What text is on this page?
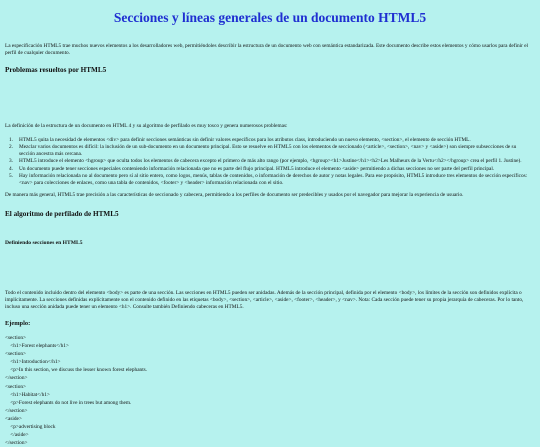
Secciones y líneas generales de un documento HTML5

La especificación HTML5 trae muchos nuevos elementos a los desarrolladores web, permitiéndoles describir la estructura de un documento web con semántica estandarizada. Este documento describe estos elementos y cómo usarlos para definir el perfil de cualquier documento.

Problemas resueltos por HTML5

La definición de la estructura de un documento en HTML 4 y su algoritmo de perfilado es muy tosco y genera numerosos problemas:

1. HTML5 quita la necesidad de elementos <div> para definir secciones semánticas sin definir valores específicos para los atributos class, introduciendo un nuevo elemento, <section>, el elemento de sección HTML.
2. Mezclar varios documentos es difícil: la inclusión de un sub-documento en un documento principal. Esto se resuelve en HTML5 con los elementos de seccionado (<article>, <section>, <nav> y <aside>) son siempre subsecciones de su sección ancestra más cercana.
3. HTML5 introduce el elemento <hgroup> que oculta todos los elementos de cabecera excepto el primero de más alto rango (por ejemplo, <hgroup><h1>Justine</h1><h2>Les Malheurs de la Vertu</h2></hgroup> crea el perfil 1. Justine).
4. Un documento puede tener secciones especiales conteniendo información relacionada que no es parte del flujo principal. HTML5 introduce el elemento <aside> permitiendo a dichas secciones no ser parte del perfil principal.
5. Hay información relacionada no al documento pero sí al sitio entero, como logos, menús, tablas de contenidos, o información de derechos de autor y notas legales. Para ese propósito, HTML5 introduce tres elementos de sección específicos: <nav> para colecciones de enlaces, como una tabla de contenidos, <footer> y <header> información relacionada con el sitio.

De manera más general, HTML5 trae precisión a las características de seccionado y cabecera, permitiendo a los perfiles de documento ser predecibles y usados por el navegador para mejorar la experiencia de usuario.

El algoritmo de perfilado de HTML5
Definiendo secciones en HTML5

Todo el contenido incluido dentro del elemento <body> es parte de una sección. Las secciones en HTML5 pueden ser anidadas. Además de la sección principal, definida por el elemento <body>, los límites de la sección son definidos explícita o implícitamente. La secciones definidas explícitamente son el contenido definido en las etiquetas <body>, <section>, <article>, <aside>, <footer>, <header>, y <nav>. Nota: Cada sección puede tener su propia jerarquía de cabeceras. Por lo tanto, incluso una sección anidada puede tener un elemento <h1>. Consulte también Definiendo cabeceras en HTML5.

Ejemplo:
<section>
<h1>Forest elephants</h1>
<section>
<h1>Introduction</h1>
<p>In this section, we discuss the lesser known forest elephants.
</section>
<section>
<h1>Habitat</h1>
<p>Forest elephants do not live in trees but among them.
</section>
<aside>
<p>advertising block
</aside>
</section>
